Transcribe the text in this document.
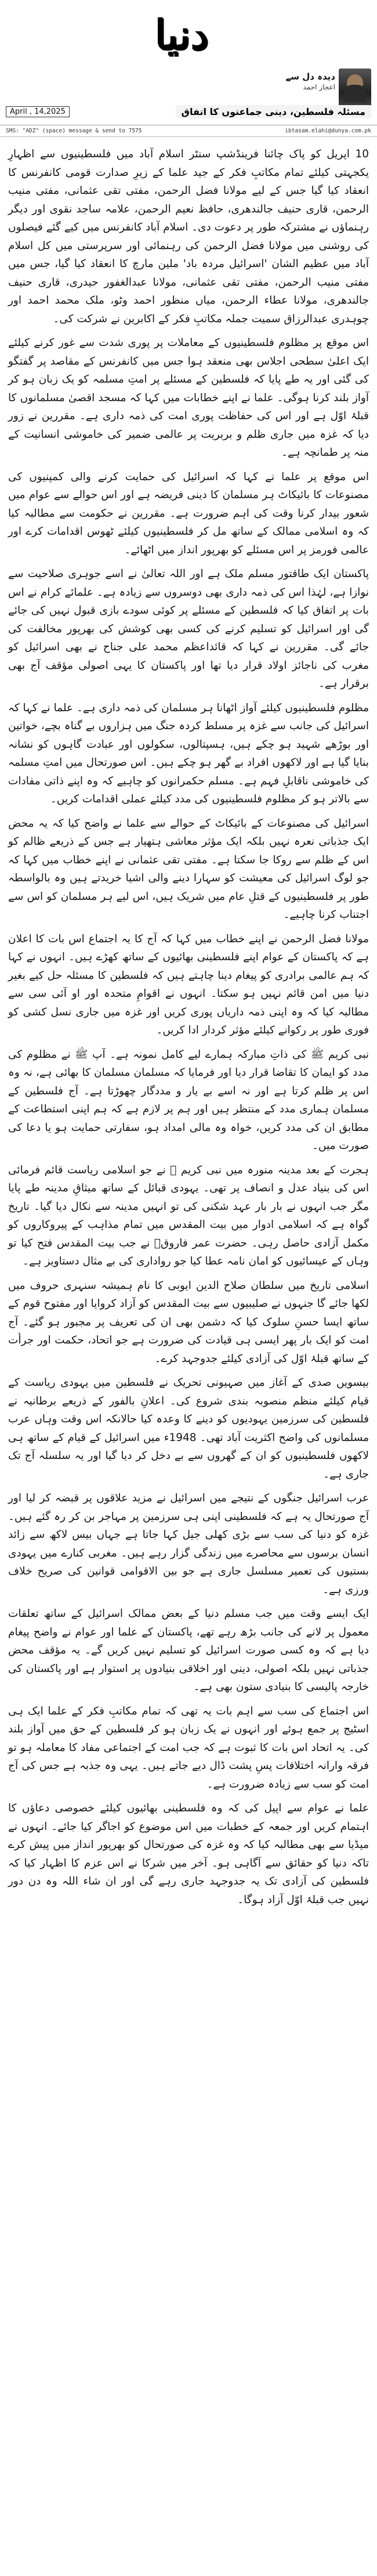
دنیا
دیدہ دل سے
اعجاز احمد
April , 14,2025	مسئلہ فلسطین، دینی جماعتوں کا اتفاق
SMS: "ADZ" (space) message & send to 7575	ibtasam.elahi@dunya.com.pk

10 اپریل کو پاک چائنا فرینڈشپ سنٹر اسلام آباد میں فلسطینیوں سے اظہارِ یکجہتی کیلئے تمام مکاتبِ فکر کے جید علما کے زیرِ صدارت قومی کانفرنس کا انعقاد کیا گیا جس کے لیے مولانا فضل الرحمن، مفتی تقی عثمانی، مفتی منیب الرحمن، قاری حنیف جالندھری، حافظ نعیم الرحمن، علامہ ساجد نقوی اور دیگر رہنماؤں نے مشترکہ طور پر دعوت دی۔ اسلام آباد کانفرنس میں کیے گئے فیصلوں کی روشنی میں مولانا فضل الرحمن کی رہنمائی اور سرپرستی میں کل اسلام آباد میں عظیم الشان 'اسرائیل مردہ باد' ملین مارچ کا انعقاد کیا گیا، جس میں مفتی منیب الرحمن، مفتی تقی عثمانی، مولانا عبدالغفور حیدری، قاری حنیف جالندھری، مولانا عطاء الرحمن، میاں منظور احمد وٹو، ملک محمد احمد اور چوہدری عبدالرزاق سمیت جملہ مکاتبِ فکر کے اکابرین نے شرکت کی۔

اس موقع پر مظلوم فلسطینیوں کے معاملات پر پوری شدت سے غور کرنے کیلئے ایک اعلیٰ سطحی اجلاس بھی منعقد ہوا جس میں کانفرنس کے مقاصد پر گفتگو کی گئی اور یہ طے پایا کہ فلسطین کے مسئلے پر امتِ مسلمہ کو یک زبان ہو کر آواز بلند کرنا ہوگی۔ علما نے اپنے خطابات میں کہا کہ مسجد اقصیٰ مسلمانوں کا قبلۂ اوّل ہے اور اس کی حفاظت پوری امت کی ذمہ داری ہے۔ مقررین نے زور دیا کہ غزہ میں جاری ظلم و بربریت پر عالمی ضمیر کی خاموشی انسانیت کے منہ پر طمانچہ ہے۔

اس موقع پر علما نے کہا کہ اسرائیل کی حمایت کرنے والی کمپنیوں کی مصنوعات کا بائیکاٹ ہر مسلمان کا دینی فریضہ ہے اور اس حوالے سے عوام میں شعور بیدار کرنا وقت کی اہم ضرورت ہے۔ مقررین نے حکومت سے مطالبہ کیا کہ وہ اسلامی ممالک کے ساتھ مل کر فلسطینیوں کیلئے ٹھوس اقدامات کرے اور عالمی فورمز پر اس مسئلے کو بھرپور انداز میں اٹھائے۔

پاکستان ایک طاقتور مسلم ملک ہے اور اللہ تعالیٰ نے اسے جوہری صلاحیت سے نوازا ہے، لہٰذا اس کی ذمہ داری بھی دوسروں سے زیادہ ہے۔ علمائے کرام نے اس بات پر اتفاق کیا کہ فلسطین کے مسئلے پر کوئی سودے بازی قبول نہیں کی جائے گی اور اسرائیل کو تسلیم کرنے کی کسی بھی کوشش کی بھرپور مخالفت کی جائے گی۔ مقررین نے کہا کہ قائداعظم محمد علی جناح نے بھی اسرائیل کو مغرب کی ناجائز اولاد قرار دیا تھا اور پاکستان کا یہی اصولی مؤقف آج بھی برقرار ہے۔

مظلوم فلسطینیوں کیلئے آواز اٹھانا ہر مسلمان کی ذمہ داری ہے۔ علما نے کہا کہ اسرائیل کی جانب سے غزہ پر مسلط کردہ جنگ میں ہزاروں بے گناہ بچے، خواتین اور بوڑھے شہید ہو چکے ہیں، ہسپتالوں، سکولوں اور عبادت گاہوں کو نشانہ بنایا گیا ہے اور لاکھوں افراد بے گھر ہو چکے ہیں۔ اس صورتحال میں امتِ مسلمہ کی خاموشی ناقابلِ فہم ہے۔ مسلم حکمرانوں کو چاہیے کہ وہ اپنے ذاتی مفادات سے بالاتر ہو کر مظلوم فلسطینیوں کی مدد کیلئے عملی اقدامات کریں۔

اسرائیل کی مصنوعات کے بائیکاٹ کے حوالے سے علما نے واضح کیا کہ یہ محض ایک جذباتی نعرہ نہیں بلکہ ایک مؤثر معاشی ہتھیار ہے جس کے ذریعے ظالم کو اس کے ظلم سے روکا جا سکتا ہے۔ مفتی تقی عثمانی نے اپنے خطاب میں کہا کہ جو لوگ اسرائیل کی معیشت کو سہارا دینے والی اشیا خریدتے ہیں وہ بالواسطہ طور پر فلسطینیوں کے قتلِ عام میں شریک ہیں، اس لیے ہر مسلمان کو اس سے اجتناب کرنا چاہیے۔

مولانا فضل الرحمن نے اپنے خطاب میں کہا کہ آج کا یہ اجتماع اس بات کا اعلان ہے کہ پاکستان کے عوام اپنے فلسطینی بھائیوں کے ساتھ کھڑے ہیں۔ انہوں نے کہا کہ ہم عالمی برادری کو پیغام دینا چاہتے ہیں کہ فلسطین کا مسئلہ حل کیے بغیر دنیا میں امن قائم نہیں ہو سکتا۔ انہوں نے اقوامِ متحدہ اور او آئی سی سے مطالبہ کیا کہ وہ اپنی ذمہ داریاں پوری کریں اور غزہ میں جاری نسل کشی کو فوری طور پر رکوانے کیلئے مؤثر کردار ادا کریں۔

نبی کریم ﷺ کی ذاتِ مبارکہ ہمارے لیے کامل نمونہ ہے۔ آپ ﷺ نے مظلوم کی مدد کو ایمان کا تقاضا قرار دیا اور فرمایا کہ مسلمان مسلمان کا بھائی ہے، نہ وہ اس پر ظلم کرتا ہے اور نہ اسے بے یار و مددگار چھوڑتا ہے۔ آج فلسطین کے مسلمان ہماری مدد کے منتظر ہیں اور ہم پر لازم ہے کہ ہم اپنی استطاعت کے مطابق ان کی مدد کریں، خواہ وہ مالی امداد ہو، سفارتی حمایت ہو یا دعا کی صورت میں۔

ہجرت کے بعد مدینہ منورہ میں نبی کریم ﷺ نے جو اسلامی ریاست قائم فرمائی اس کی بنیاد عدل و انصاف پر تھی۔ یہودی قبائل کے ساتھ میثاقِ مدینہ طے پایا مگر جب انہوں نے بار بار عہد شکنی کی تو انہیں مدینہ سے نکال دیا گیا۔ تاریخ گواہ ہے کہ اسلامی ادوار میں بیت المقدس میں تمام مذاہب کے پیروکاروں کو مکمل آزادی حاصل رہی۔ حضرت عمر فاروقؓ نے جب بیت المقدس فتح کیا تو وہاں کے عیسائیوں کو امان نامہ عطا کیا جو رواداری کی بے مثال دستاویز ہے۔

اسلامی تاریخ میں سلطان صلاح الدین ایوبی کا نام ہمیشہ سنہری حروف میں لکھا جائے گا جنہوں نے صلیبیوں سے بیت المقدس کو آزاد کروایا اور مفتوح قوم کے ساتھ ایسا حسنِ سلوک کیا کہ دشمن بھی ان کی تعریف پر مجبور ہو گئے۔ آج امت کو ایک بار پھر ایسی ہی قیادت کی ضرورت ہے جو اتحاد، حکمت اور جرأت کے ساتھ قبلۂ اوّل کی آزادی کیلئے جدوجہد کرے۔

بیسویں صدی کے آغاز میں صہیونی تحریک نے فلسطین میں یہودی ریاست کے قیام کیلئے منظم منصوبہ بندی شروع کی۔ اعلانِ بالفور کے ذریعے برطانیہ نے فلسطین کی سرزمین یہودیوں کو دینے کا وعدہ کیا حالانکہ اس وقت وہاں عرب مسلمانوں کی واضح اکثریت آباد تھی۔ 1948ء میں اسرائیل کے قیام کے ساتھ ہی لاکھوں فلسطینیوں کو ان کے گھروں سے بے دخل کر دیا گیا اور یہ سلسلہ آج تک جاری ہے۔

عرب اسرائیل جنگوں کے نتیجے میں اسرائیل نے مزید علاقوں پر قبضہ کر لیا اور آج صورتحال یہ ہے کہ فلسطینی اپنی ہی سرزمین پر مہاجر بن کر رہ گئے ہیں۔ غزہ کو دنیا کی سب سے بڑی کھلی جیل کہا جاتا ہے جہاں بیس لاکھ سے زائد انسان برسوں سے محاصرے میں زندگی گزار رہے ہیں۔ مغربی کنارے میں یہودی بستیوں کی تعمیر مسلسل جاری ہے جو بین الاقوامی قوانین کی صریح خلاف ورزی ہے۔

ایک ایسے وقت میں جب مسلم دنیا کے بعض ممالک اسرائیل کے ساتھ تعلقات معمول پر لانے کی جانب بڑھ رہے تھے، پاکستان کے علما اور عوام نے واضح پیغام دیا ہے کہ وہ کسی صورت اسرائیل کو تسلیم نہیں کریں گے۔ یہ مؤقف محض جذباتی نہیں بلکہ اصولی، دینی اور اخلاقی بنیادوں پر استوار ہے اور پاکستان کی خارجہ پالیسی کا بنیادی ستون بھی ہے۔

اس اجتماع کی سب سے اہم بات یہ تھی کہ تمام مکاتبِ فکر کے علما ایک ہی اسٹیج پر جمع ہوئے اور انہوں نے یک زبان ہو کر فلسطین کے حق میں آواز بلند کی۔ یہ اتحاد اس بات کا ثبوت ہے کہ جب امت کے اجتماعی مفاد کا معاملہ ہو تو فرقہ وارانہ اختلافات پسِ پشت ڈال دیے جاتے ہیں۔ یہی وہ جذبہ ہے جس کی آج امت کو سب سے زیادہ ضرورت ہے۔

علما نے عوام سے اپیل کی کہ وہ فلسطینی بھائیوں کیلئے خصوصی دعاؤں کا اہتمام کریں اور جمعہ کے خطبات میں اس موضوع کو اجاگر کیا جائے۔ انہوں نے میڈیا سے بھی مطالبہ کیا کہ وہ غزہ کی صورتحال کو بھرپور انداز میں پیش کرے تاکہ دنیا کو حقائق سے آگاہی ہو۔ آخر میں شرکا نے اس عزم کا اظہار کیا کہ فلسطین کی آزادی تک یہ جدوجہد جاری رہے گی اور ان شاء اللہ وہ دن دور نہیں جب قبلۂ اوّل آزاد ہوگا۔
